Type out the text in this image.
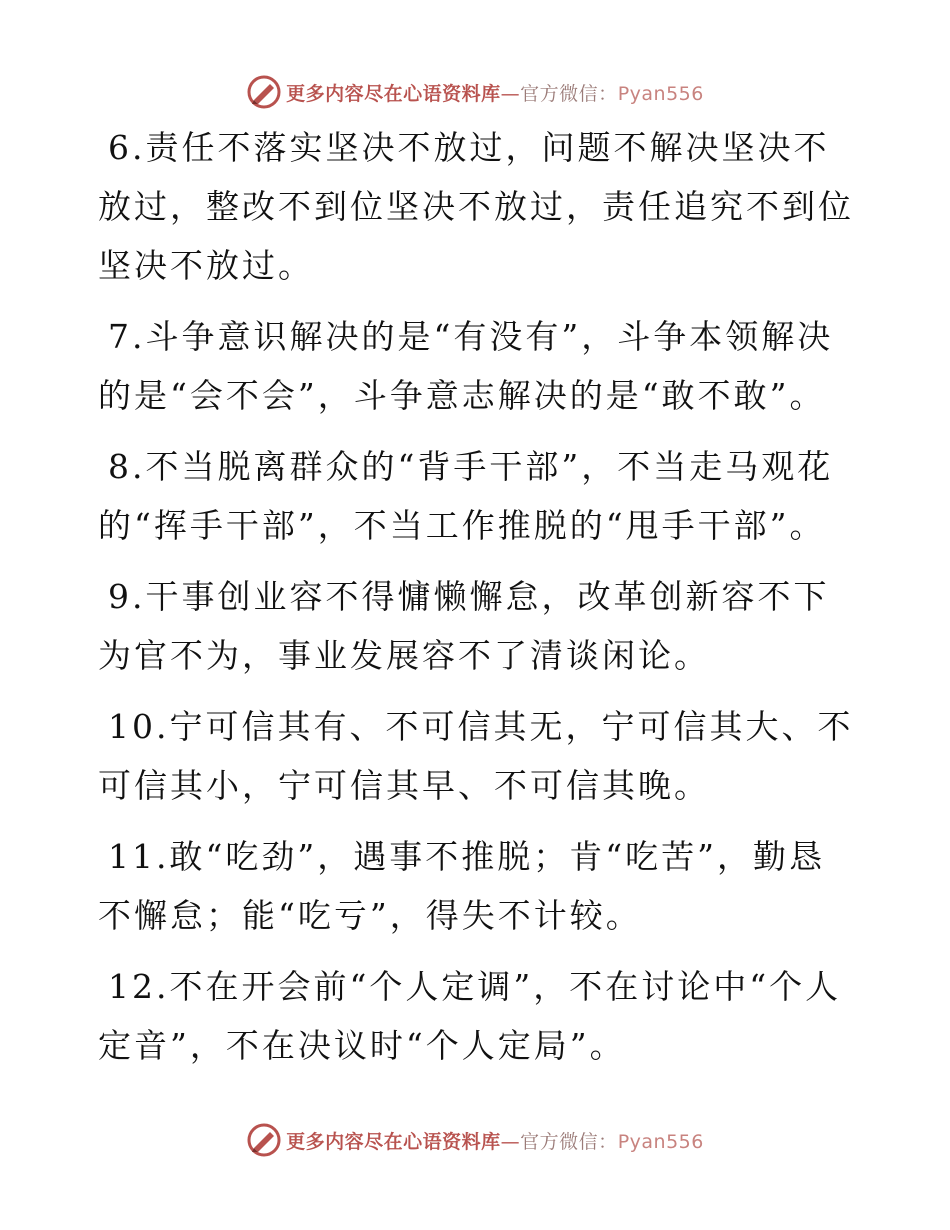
更多内容尽在心语资料库—官方微信：Pyan556

6.责任不落实坚决不放过，问题不解决坚决不放过，整改不到位坚决不放过，责任追究不到位坚决不放过。

7.斗争意识解决的是“有没有”，斗争本领解决的是“会不会”，斗争意志解决的是“敢不敢”。

8.不当脱离群众的“背手干部”，不当走马观花的“挥手干部”，不当工作推脱的“甩手干部”。

9.干事创业容不得慵懒懈怠，改革创新容不下为官不为，事业发展容不了清谈闲论。

10.宁可信其有、不可信其无，宁可信其大、不可信其小，宁可信其早、不可信其晚。

11.敢“吃劲”，遇事不推脱；肯“吃苦”，勤恳不懈怠；能“吃亏”，得失不计较。

12.不在开会前“个人定调”，不在讨论中“个人定音”，不在决议时“个人定局”。

更多内容尽在心语资料库—官方微信：Pyan556
